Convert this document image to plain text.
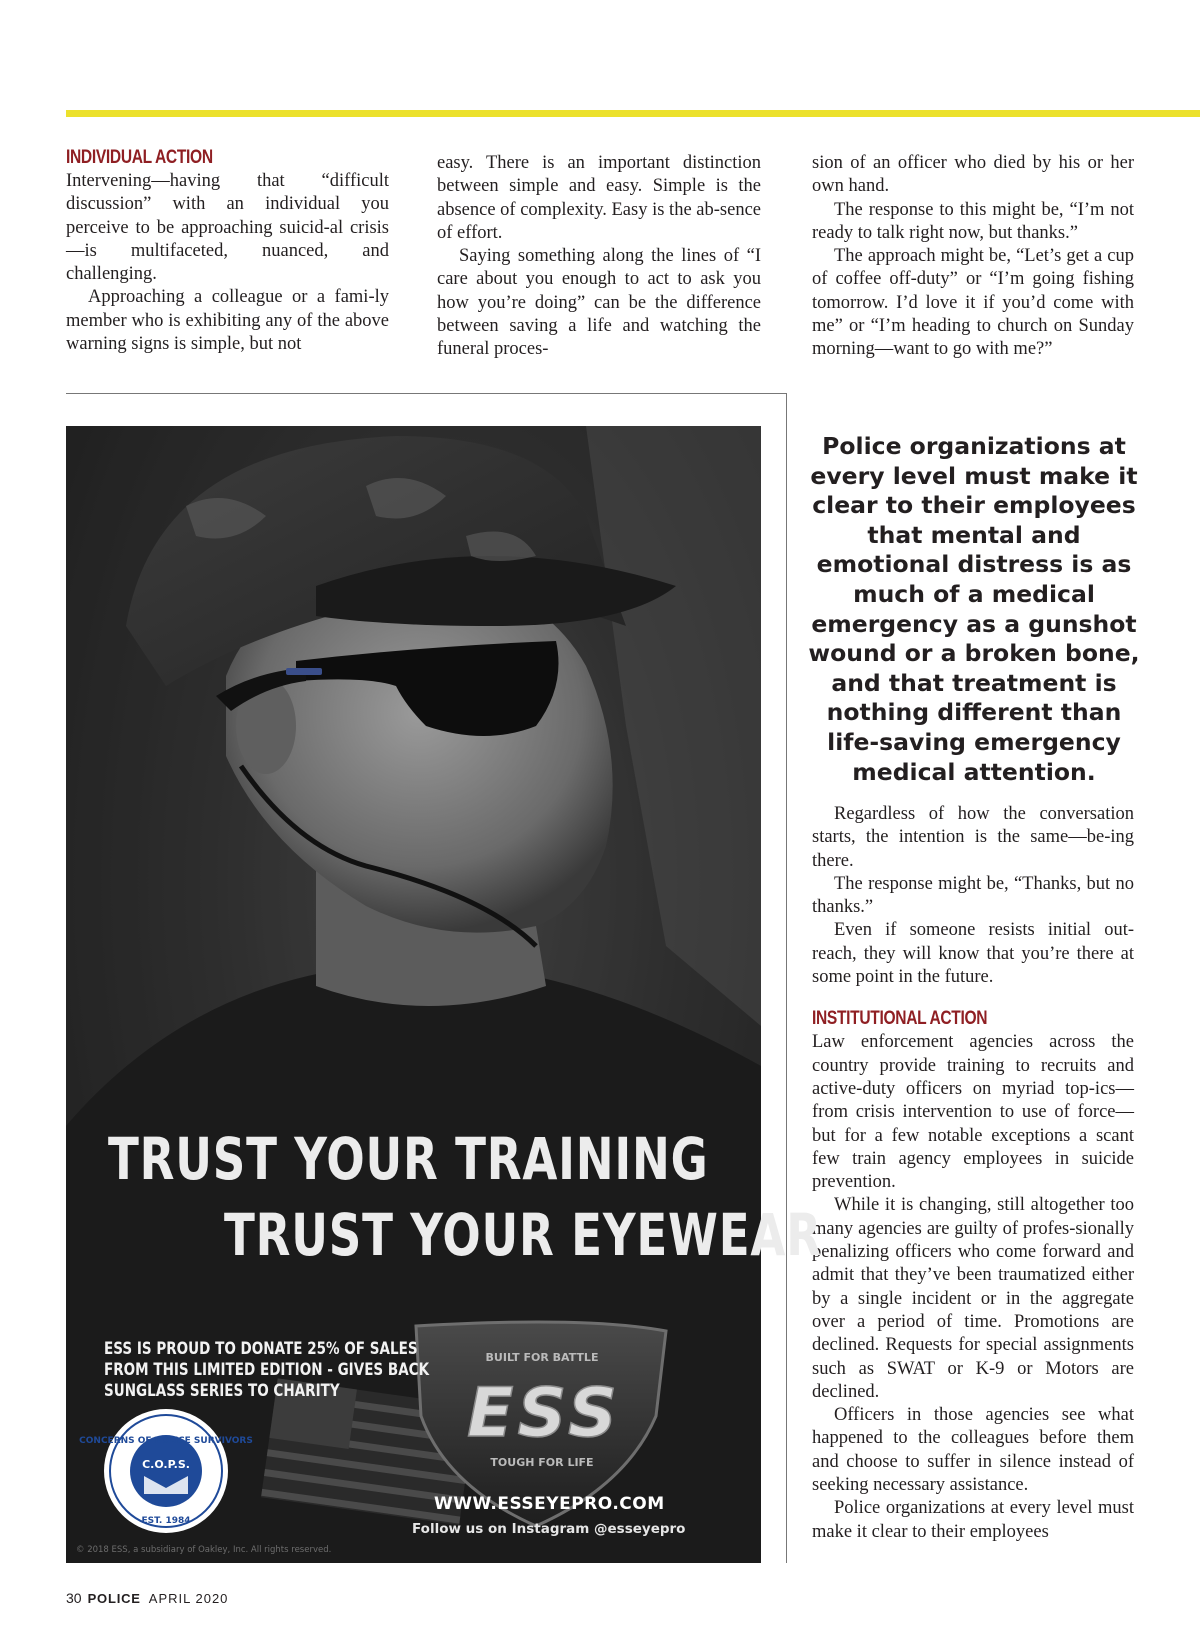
INDIVIDUAL ACTION

Intervening—having that “difficult discussion” with an individual you perceive to be approaching suicid-al crisis—is multifaceted, nuanced, and challenging.

Approaching a colleague or a fami-ly member who is exhibiting any of the above warning signs is simple, but not

easy. There is an important distinction between simple and easy. Simple is the absence of complexity. Easy is the ab-sence of effort.

Saying something along the lines of “I care about you enough to act to ask you how you’re doing” can be the difference between saving a life and watching the funeral proces-

sion of an officer who died by his or her own hand.

The response to this might be, “I’m not ready to talk right now, but thanks.”

The approach might be, “Let’s get a cup of coffee off-duty” or “I’m going fishing tomorrow. I’d love it if you’d come with me” or “I’m heading to church on Sunday morning—want to go with me?”

Police organizations at every level must make it clear to their employees that mental and emotional distress is as much of a medical emergency as a gunshot wound or a broken bone, and that treatment is nothing different than life-saving emergency medical attention.

Regardless of how the conversation starts, the intention is the same—be-ing there.

The response might be, “Thanks, but no thanks.”

Even if someone resists initial out-reach, they will know that you’re there at some point in the future.

INSTITUTIONAL ACTION

Law enforcement agencies across the country provide training to recruits and active-duty officers on myriad top-ics—from crisis intervention to use of force—but for a few notable exceptions a scant few train agency employees in suicide prevention.

While it is changing, still altogether too many agencies are guilty of profes-sionally penalizing officers who come forward and admit that they’ve been traumatized either by a single incident or in the aggregate over a period of time. Promotions are declined. Requests for special assignments such as SWAT or K-9 or Motors are declined.

Officers in those agencies see what happened to the colleagues before them and choose to suffer in silence instead of seeking necessary assistance.

Police organizations at every level must make it clear to their employees

BUILT FOR BATTLE
ESS
TOUGH FOR LIFE
CONCERNS OF POLICE SURVIVORS
C.O.P.S.
EST. 1984
TRUST YOUR TRAINING
TRUST YOUR EYEWEAR
ESS IS PROUD TO DONATE 25% OF SALES
FROM THIS LIMITED EDITION - GIVES BACK
SUNGLASS SERIES TO CHARITY
WWW.ESSEYEPRO.COM
Follow us on Instagram @esseyepro
© 2018 ESS, a subsidiary of Oakley, Inc. All rights reserved.
30 POLICE APRIL 2020
